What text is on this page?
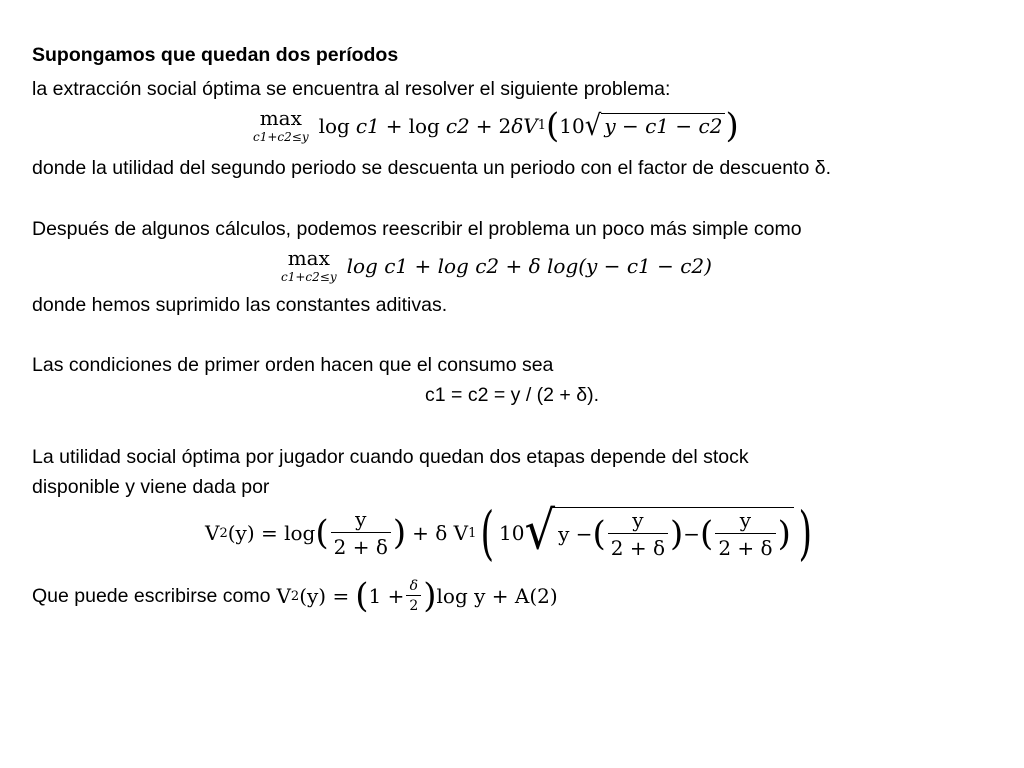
Supongamos que quedan dos períodos
la extracción social óptima se encuentra al resolver el siguiente problema:
max
c1+c2≤y log c1 + log c2 + 2 δ V 1 ( 10 √ y − c1 − c2 )
donde la utilidad del segundo periodo se descuenta un periodo con el factor de descuento δ.
Después de algunos cálculos, podemos reescribir el problema un poco más simple como
max
c1+c2≤y log c1 + log c2 + δ log(y − c1 − c2)
donde hemos suprimido las constantes aditivas.
Las condiciones de primer orden hacen que el consumo sea
c1 = c2 = y / (2 + δ).
La utilidad social óptima por jugador cuando quedan dos etapas depende del stock
disponible y viene dada por
V 2 (y) = log ( $\frac{y}{2 + \delta}$ ) + δ V 1 ( 10 √ y − ( $\frac{y}{2 + \delta}$ ) − ( $\frac{y}{2 + \delta}$ ) )
Que puede escribirse como V 2 (y) = ( $1 + \frac{\delta}{2}$ ) log y + A(2)
